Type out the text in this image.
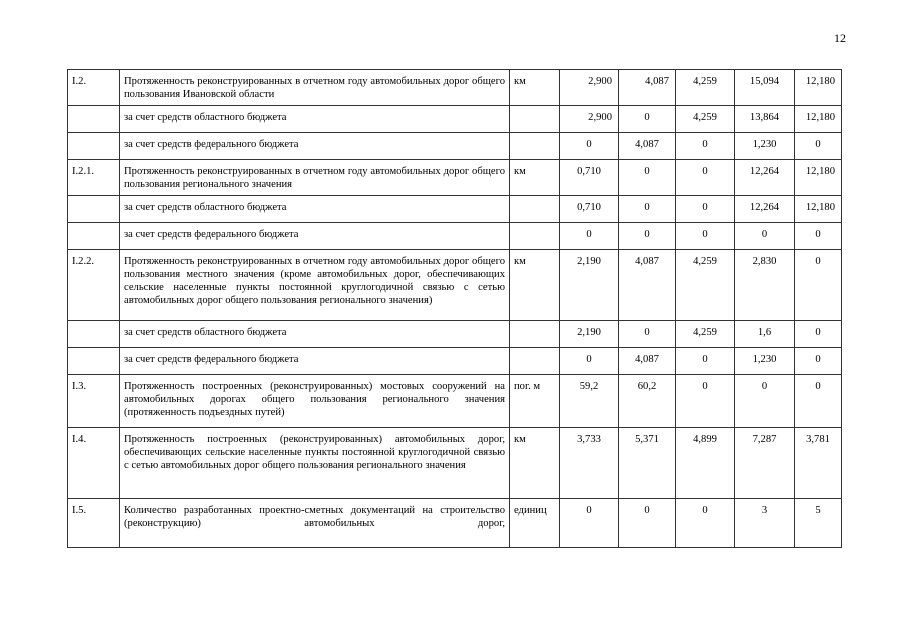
12
I.2.	Протяженность реконструированных в отчетном году автомобильных дорог общего пользования Ивановской области	км	2,900	4,087	4,259	15,094	12,180
	за счет средств областного бюджета		2,900	0	4,259	13,864	12,180
	за счет средств федерального бюджета		0	4,087	0	1,230	0
I.2.1.	Протяженность реконструированных в отчетном году автомобильных дорог общего пользования регионального значения	км	0,710	0	0	12,264	12,180
	за счет средств областного бюджета		0,710	0	0	12,264	12,180
	за счет средств федерального бюджета		0	0	0	0	0
I.2.2.	Протяженность реконструированных в отчетном году автомобильных дорог общего пользования местного значения (кроме автомобильных дорог, обеспечивающих сельские населенные пункты постоянной круглогодичной связью с сетью автомобильных дорог общего пользования регионального значения)	км	2,190	4,087	4,259	2,830	0
	за счет средств областного бюджета		2,190	0	4,259	1,6	0
	за счет средств федерального бюджета		0	4,087	0	1,230	0
I.3.	Протяженность построенных (реконструированных) мостовых сооружений на автомобильных дорогах общего пользования регионального значения (протяженность подъездных путей)	пог. м	59,2	60,2	0	0	0
I.4.	Протяженность построенных (реконструированных) автомобильных дорог, обеспечивающих сельские населенные пункты постоянной круглогодичной связью с сетью автомобильных дорог общего пользования регионального значения	км	3,733	5,371	4,899	7,287	3,781
I.5.	Количество разработанных проектно-сметных документаций на строительство (реконструкцию) автомобильных дорог,	единиц	0	0	0	3	5
